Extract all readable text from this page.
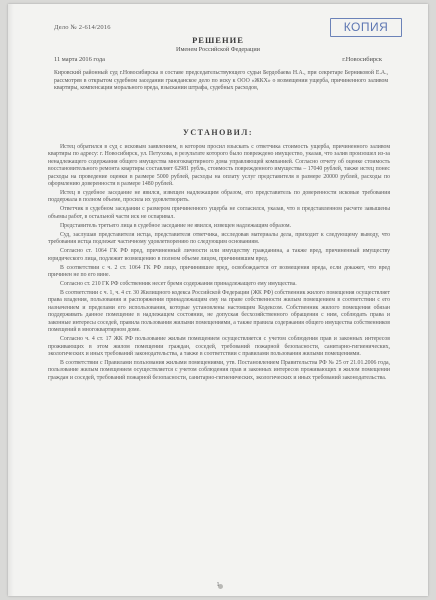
Дело № 2-614/2016	КОПИЯ
РЕШЕНИЕ
Именем Российской Федерации
11 марта 2016 года	г.Новосибирск
Кировский районный суд г.Новосибирска в составе председательствующего судьи Бердобаева Н.А., при секретаре Берниковой Е.А., рассмотрев в открытом судебном заседании гражданское дело по иску к ООО «ЖКХ» о возмещении ущерба, причиненного заливом квартиры, компенсации морального вреда, взыскании штрафа, судебных расходов,
УСТАНОВИЛ:

Истец обратился в суд с исковым заявлением, в котором просил взыскать с ответчика стоимость ущерба, причиненного заливом квартиры по адресу: г. Новосибирск, ул. Петухова, в результате которого было повреждено имущество, указав, что залив произошел из-за ненадлежащего содержания общего имущества многоквартирного дома управляющей компанией. Согласно отчету об оценке стоимость восстановительного ремонта квартиры составляет 62981 рубль, стоимость поврежденного имущества – 17040 рублей, также истец понес расходы на проведение оценки в размере 5000 рублей, расходы на оплату услуг представителя в размере 20000 рублей, расходы по оформлению доверенности в размере 1480 рублей.

Истец в судебное заседание не явился, извещен надлежащим образом, его представитель по доверенности исковые требования поддержала в полном объеме, просила их удовлетворить.

Ответчик в судебном заседании с размером причиненного ущерба не согласился, указав, что в представленном расчете завышены объемы работ, в остальной части иск не оспаривал.

Представитель третьего лица в судебное заседание не явился, извещен надлежащим образом.

Суд, заслушав представителя истца, представителя ответчика, исследовав материалы дела, приходит к следующему выводу, что требования истца подлежат частичному удовлетворению по следующим основаниям.

Согласно ст. 1064 ГК РФ вред, причиненный личности или имуществу гражданина, а также вред, причиненный имуществу юридического лица, подлежит возмещению в полном объеме лицом, причинившим вред.

В соответствии с ч. 2 ст. 1064 ГК РФ лицо, причинившее вред, освобождается от возмещения вреда, если докажет, что вред причинен не по его вине.

Согласно ст. 210 ГК РФ собственник несет бремя содержания принадлежащего ему имущества.

В соответствии с ч. 1, ч. 4 ст. 30 Жилищного кодекса Российской Федерации (ЖК РФ) собственник жилого помещения осуществляет права владения, пользования и распоряжения принадлежащим ему на праве собственности жилым помещением в соответствии с его назначением и пределами его использования, которые установлены настоящим Кодексом. Собственник жилого помещения обязан поддерживать данное помещение в надлежащем состоянии, не допуская бесхозяйственного обращения с ним, соблюдать права и законные интересы соседей, правила пользования жилыми помещениями, а также правила содержания общего имущества собственников помещений в многоквартирном доме.

Согласно ч. 4 ст. 17 ЖК РФ пользование жилым помещением осуществляется с учетом соблюдения прав и законных интересов проживающих в этом жилом помещении граждан, соседей, требований пожарной безопасности, санитарно-гигиенических, экологических и иных требований законодательства, а также в соответствии с правилами пользования жилыми помещениями.

В соответствии с Правилами пользования жилыми помещениями, утв. Постановлением Правительства РФ № 25 от 21.01.2006 года, пользование жилым помещением осуществляется с учетом соблюдения прав и законных интересов проживающих в жилом помещении граждан и соседей, требований пожарной безопасности, санитарно-гигиенических, экологических и иных требований законодательства.

1
